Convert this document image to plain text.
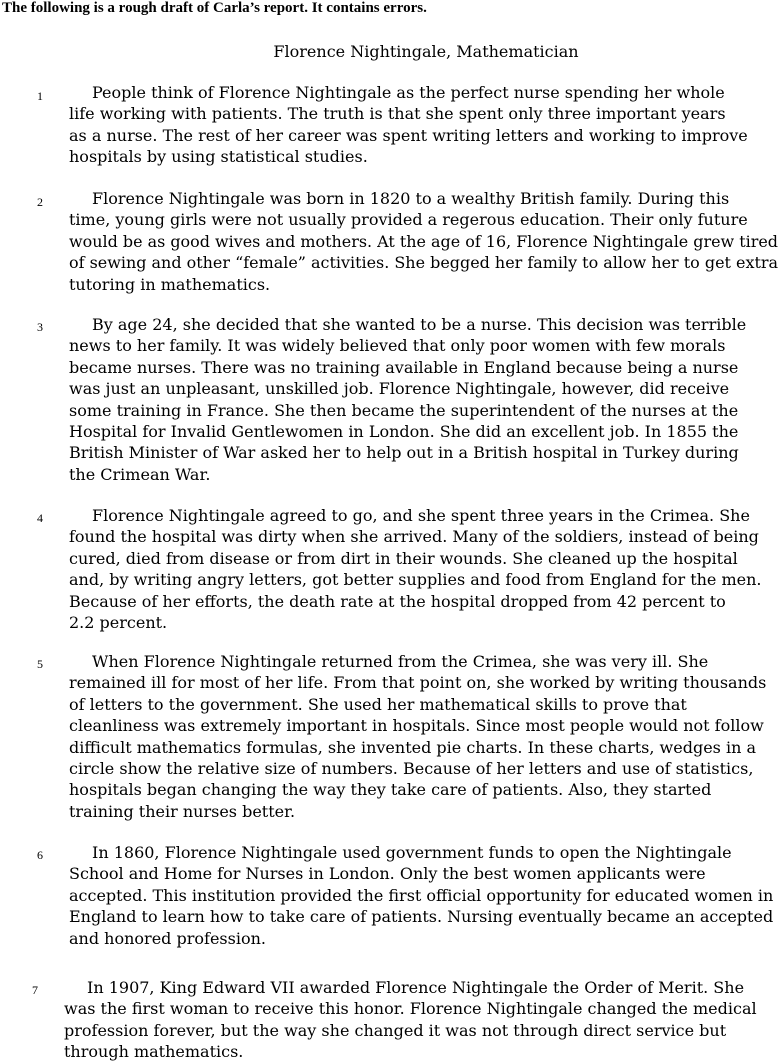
The following is a rough draft of Carla’s report. It contains errors.
Florence Nightingale, Mathematician
1	People think of Florence Nightingale as the perfect nurse spending her whole
life working with patients. The truth is that she spent only three important years
as a nurse. The rest of her career was spent writing letters and working to improve
hospitals by using statistical studies.
2	Florence Nightingale was born in 1820 to a wealthy British family. During this
time, young girls were not usually provided a regerous education. Their only future
would be as good wives and mothers. At the age of 16, Florence Nightingale grew tired
of sewing and other “female” activities. She begged her family to allow her to get extra
tutoring in mathematics.
3	By age 24, she decided that she wanted to be a nurse. This decision was terrible
news to her family. It was widely believed that only poor women with few morals
became nurses. There was no training available in England because being a nurse
was just an unpleasant, unskilled job. Florence Nightingale, however, did receive
some training in France. She then became the superintendent of the nurses at the
Hospital for Invalid Gentlewomen in London. She did an excellent job. In 1855 the
British Minister of War asked her to help out in a British hospital in Turkey during
the Crimean War.
4	Florence Nightingale agreed to go, and she spent three years in the Crimea. She
found the hospital was dirty when she arrived. Many of the soldiers, instead of being
cured, died from disease or from dirt in their wounds. She cleaned up the hospital
and, by writing angry letters, got better supplies and food from England for the men.
Because of her efforts, the death rate at the hospital dropped from 42 percent to
2.2 percent.
5	When Florence Nightingale returned from the Crimea, she was very ill. She
remained ill for most of her life. From that point on, she worked by writing thousands
of letters to the government. She used her mathematical skills to prove that
cleanliness was extremely important in hospitals. Since most people would not follow
difficult mathematics formulas, she invented pie charts. In these charts, wedges in a
circle show the relative size of numbers. Because of her letters and use of statistics,
hospitals began changing the way they take care of patients. Also, they started
training their nurses better.
6	In 1860, Florence Nightingale used government funds to open the Nightingale
School and Home for Nurses in London. Only the best women applicants were
accepted. This institution provided the first official opportunity for educated women in
England to learn how to take care of patients. Nursing eventually became an accepted
and honored profession.
7	In 1907, King Edward VII awarded Florence Nightingale the Order of Merit. She
was the first woman to receive this honor. Florence Nightingale changed the medical
profession forever, but the way she changed it was not through direct service but
through mathematics.
